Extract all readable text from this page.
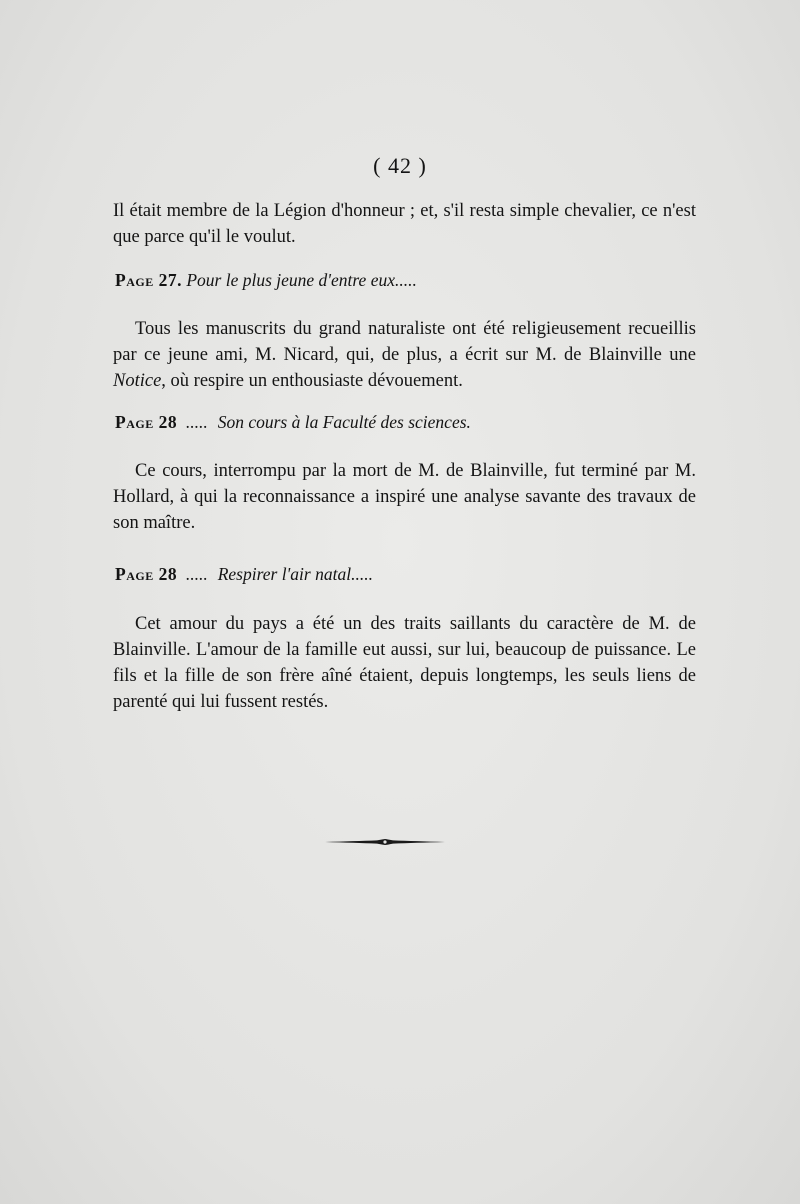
( 42 )
Il était membre de la Légion d'honneur ; et, s'il resta simple chevalier, ce n'est que parce qu'il le voulut.
Page 27. Pour le plus jeune d'entre eux.....
Tous les manuscrits du grand naturaliste ont été religieusement recueillis par ce jeune ami, M. Nicard, qui, de plus, a écrit sur M. de Blainville une Notice, où respire un enthousiaste dévouement.
Page 28 ..... Son cours à la Faculté des sciences.
Ce cours, interrompu par la mort de M. de Blainville, fut terminé par M. Hollard, à qui la reconnaissance a inspiré une analyse savante des travaux de son maître.
Page 28 ..... Respirer l'air natal.....
Cet amour du pays a été un des traits saillants du caractère de M. de Blainville. L'amour de la famille eut aussi, sur lui, beaucoup de puissance. Le fils et la fille de son frère aîné étaient, depuis longtemps, les seuls liens de parenté qui lui fussent restés.
